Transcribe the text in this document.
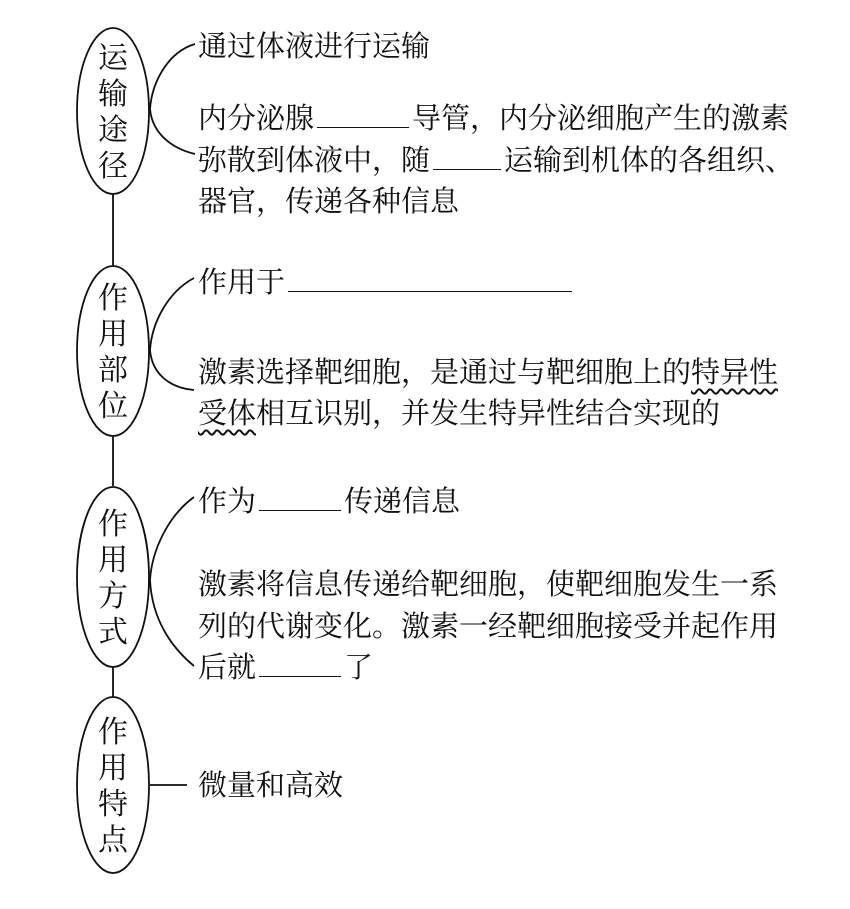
运输途径
作用部位
作用方式
作用特点
通过体液进行运输
内分泌腺	导管，内分泌细胞产生的激素
弥散到体液中，随	运输到机体的各组织、
器官，传递各种信息
作用于
激素选择靶细胞，是通过与靶细胞上的特异性
受体相互识别，并发生特异性结合实现的
作为	传递信息
激素将信息传递给靶细胞，使靶细胞发生一系
列的代谢变化。激素一经靶细胞接受并起作用
后就	了
微量和高效
